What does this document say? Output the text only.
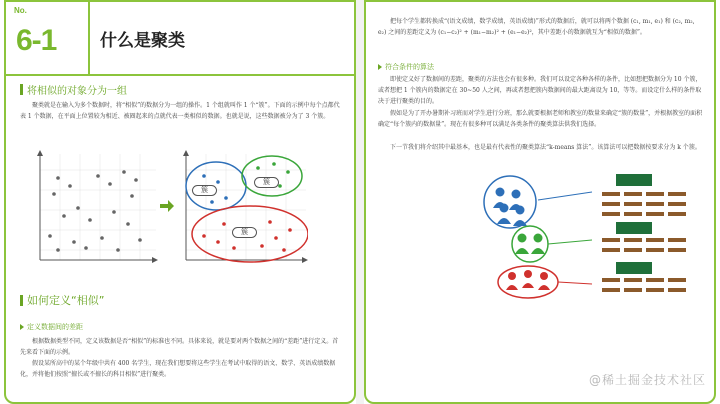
No.
6-1	什么是聚类
将相似的对象分为一组

聚类就是在输入为多个数据时，将“相似”的数据分为一组的操作。1 个组就叫作 1 个“簇”。下面的示例中每个点都代表 1 个数据，在平面上位置较为相近、被圈起来的点就代表一类相似的数据。也就是说，这些数据被分为了 3 个簇。

簇
簇
簇
如何定义“相似”
定义数据间的差距

根据数据类型不同，定义该数据是否“相似”的标准也不同。具体来说，就是要对两个数据之间的“差距”进行定义。首先来看下面的示例。

假设某所高中的某个年级中共有 400 名学生，现在我们想要将这些学生在考试中取得的语文、数学、英语成绩数据化，并将他们按照“擅长或不擅长的科目相似”进行聚类。

把每个学生都转换成“(语文成绩，数学成绩，英语成绩)”形式的数据后，就可以将两个数据 (c₁, m₁, e₁) 和 (c₂, m₂, e₂) 之间的差距定义为 (c₁−c₂)² + (m₁−m₂)² + (e₁−e₂)²，其中差距小的数据就互为“相似的数据”。

符合条件的算法

即使定义好了数据间的差距，聚类的方法也会有很多种。我们可以设定各种各样的条件，比如想把数据分为 10 个簇，或者想把 1 个簇内的数据定在 30~50 人之间，再或者想把簇内数据间的最大距离设为 10，等等。而设定什么样的条件取决于进行聚类的目的。

假如是为了开办暑期补习班而对学生进行分班，那么就要根据老师和教室的数量来确定“簇的数量”，并根据教室的面积确定“每个簇内的数据量”。现在有很多种可以满足各类条件的聚类算法供我们选择。

下一节我们将介绍其中最基本，也是最有代表性的聚类算法“k-means 算法”。该算法可以把数据按要求分为 k 个簇。

@稀土掘金技术社区
